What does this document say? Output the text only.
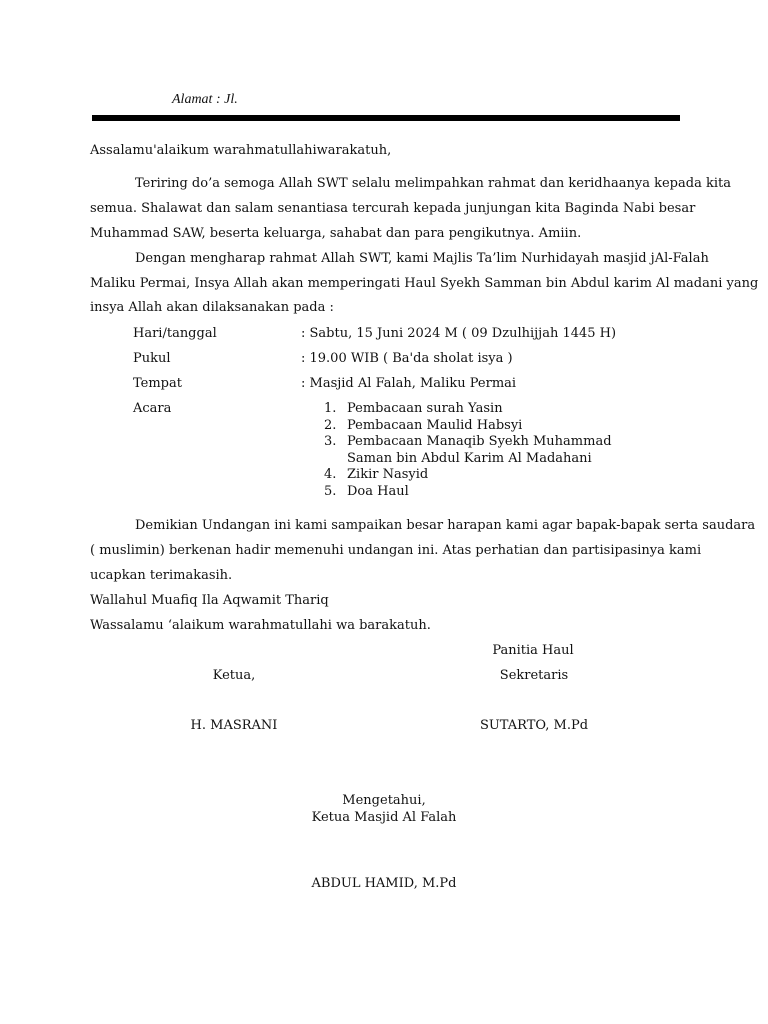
Alamat : Jl.
Assalamu'alaikum warahmatullahiwarakatuh,
Teriring do’a semoga Allah SWT selalu melimpahkan rahmat dan keridhaanya kepada kita
semua. Shalawat dan salam senantiasa tercurah kepada junjungan kita Baginda Nabi besar
Muhammad SAW, beserta keluarga, sahabat dan para pengikutnya. Amiin.
Dengan mengharap rahmat Allah SWT, kami Majlis Ta’lim Nurhidayah masjid jAl-Falah
Maliku Permai, Insya Allah akan memperingati Haul Syekh Samman bin Abdul karim Al madani yang
insya Allah akan dilaksanakan pada :
Hari/tanggal	: Sabtu, 15 Juni 2024 M ( 09 Dzulhijjah 1445 H)
Pukul	: 19.00 WIB ( Ba'da sholat isya )
Tempat	: Masjid Al Falah, Maliku Permai
Acara	1. Pembacaan surah Yasin
2. Pembacaan Maulid Habsyi
3. Pembacaan Manaqib Syekh Muhammad Saman bin Abdul Karim Al Madahani
4. Zikir Nasyid
5. Doa Haul
Demikian Undangan ini kami sampaikan besar harapan kami agar bapak-bapak serta saudara
( muslimin) berkenan hadir memenuhi undangan ini. Atas perhatian dan partisipasinya kami
ucapkan terimakasih.
Wallahul Muafiq Ila Aqwamit Thariq
Wassalamu ‘alaikum warahmatullahi wa barakatuh.
Panitia Haul
Ketua,	Sekretaris
H. MASRANI	SUTARTO, M.Pd
Mengetahui,
Ketua Masjid Al Falah
ABDUL HAMID, M.Pd
